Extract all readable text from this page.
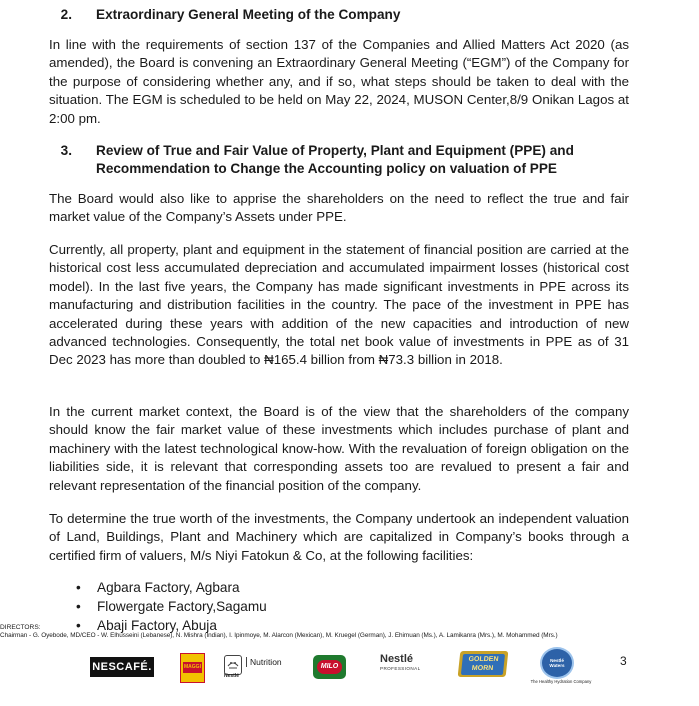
2. Extraordinary General Meeting of the Company

In line with the requirements of section 137 of the Companies and Allied Matters Act 2020 (as amended), the Board is convening an Extraordinary General Meeting (“EGM”) of the Company for the purpose of considering whether any, and if so, what steps should be taken to deal with the situation. The EGM is scheduled to be held on May 22, 2024, MUSON Center,8/9 Onikan Lagos at 2:00 pm.

3. Review of True and Fair Value of Property, Plant and Equipment (PPE) and
Recommendation to Change the Accounting policy on valuation of PPE

The Board would also like to apprise the shareholders on the need to reflect the true and fair market value of the Company’s Assets under PPE.

Currently, all property, plant and equipment in the statement of financial position are carried at the historical cost less accumulated depreciation and accumulated impairment losses (historical cost model). In the last five years, the Company has made significant investments in PPE across its manufacturing and distribution facilities in the country. The pace of the investment in PPE has accelerated during these years with addition of the new capacities and introduction of new advanced technologies. Consequently, the total net book value of investments in PPE as of 31 Dec 2023 has more than doubled to ₦165.4 billion from ₦73.3 billion in 2018.

In the current market context, the Board is of the view that the shareholders of the company should know the fair market value of these investments which includes purchase of plant and machinery with the latest technological know-how. With the revaluation of foreign obligation on the liabilities side, it is relevant that corresponding assets too are revalued to present a fair and relevant representation of the financial position of the company.

To determine the true worth of the investments, the Company undertook an independent valuation of Land, Buildings, Plant and Machinery which are capitalized in Company’s books through a certified firm of valuers, M/s Niyi Fatokun & Co, at the following facilities:

• Agbara Factory, Agbara
• Flowergate Factory,Sagamu
• Abaji Factory, Abuja
DIRECTORS:
Chairman - G. Oyebode, MD/CEO - W. Elhusseini (Lebanese), N. Mishra (Indian), I. Ipinmoye, M. Alarcon (Mexican), M. Kruegel (German), J. Ehimuan (Ms.), A. Lamikanra (Mrs.), M. Mohammed (Mrs.)
NESCAFÉ.	MAGGI	Nutrition
Nestlé
MILO
Nestlé
PROFESSIONAL
GOLDEN MORN
Nestlé Waters
The Healthy Hydration Company
3
